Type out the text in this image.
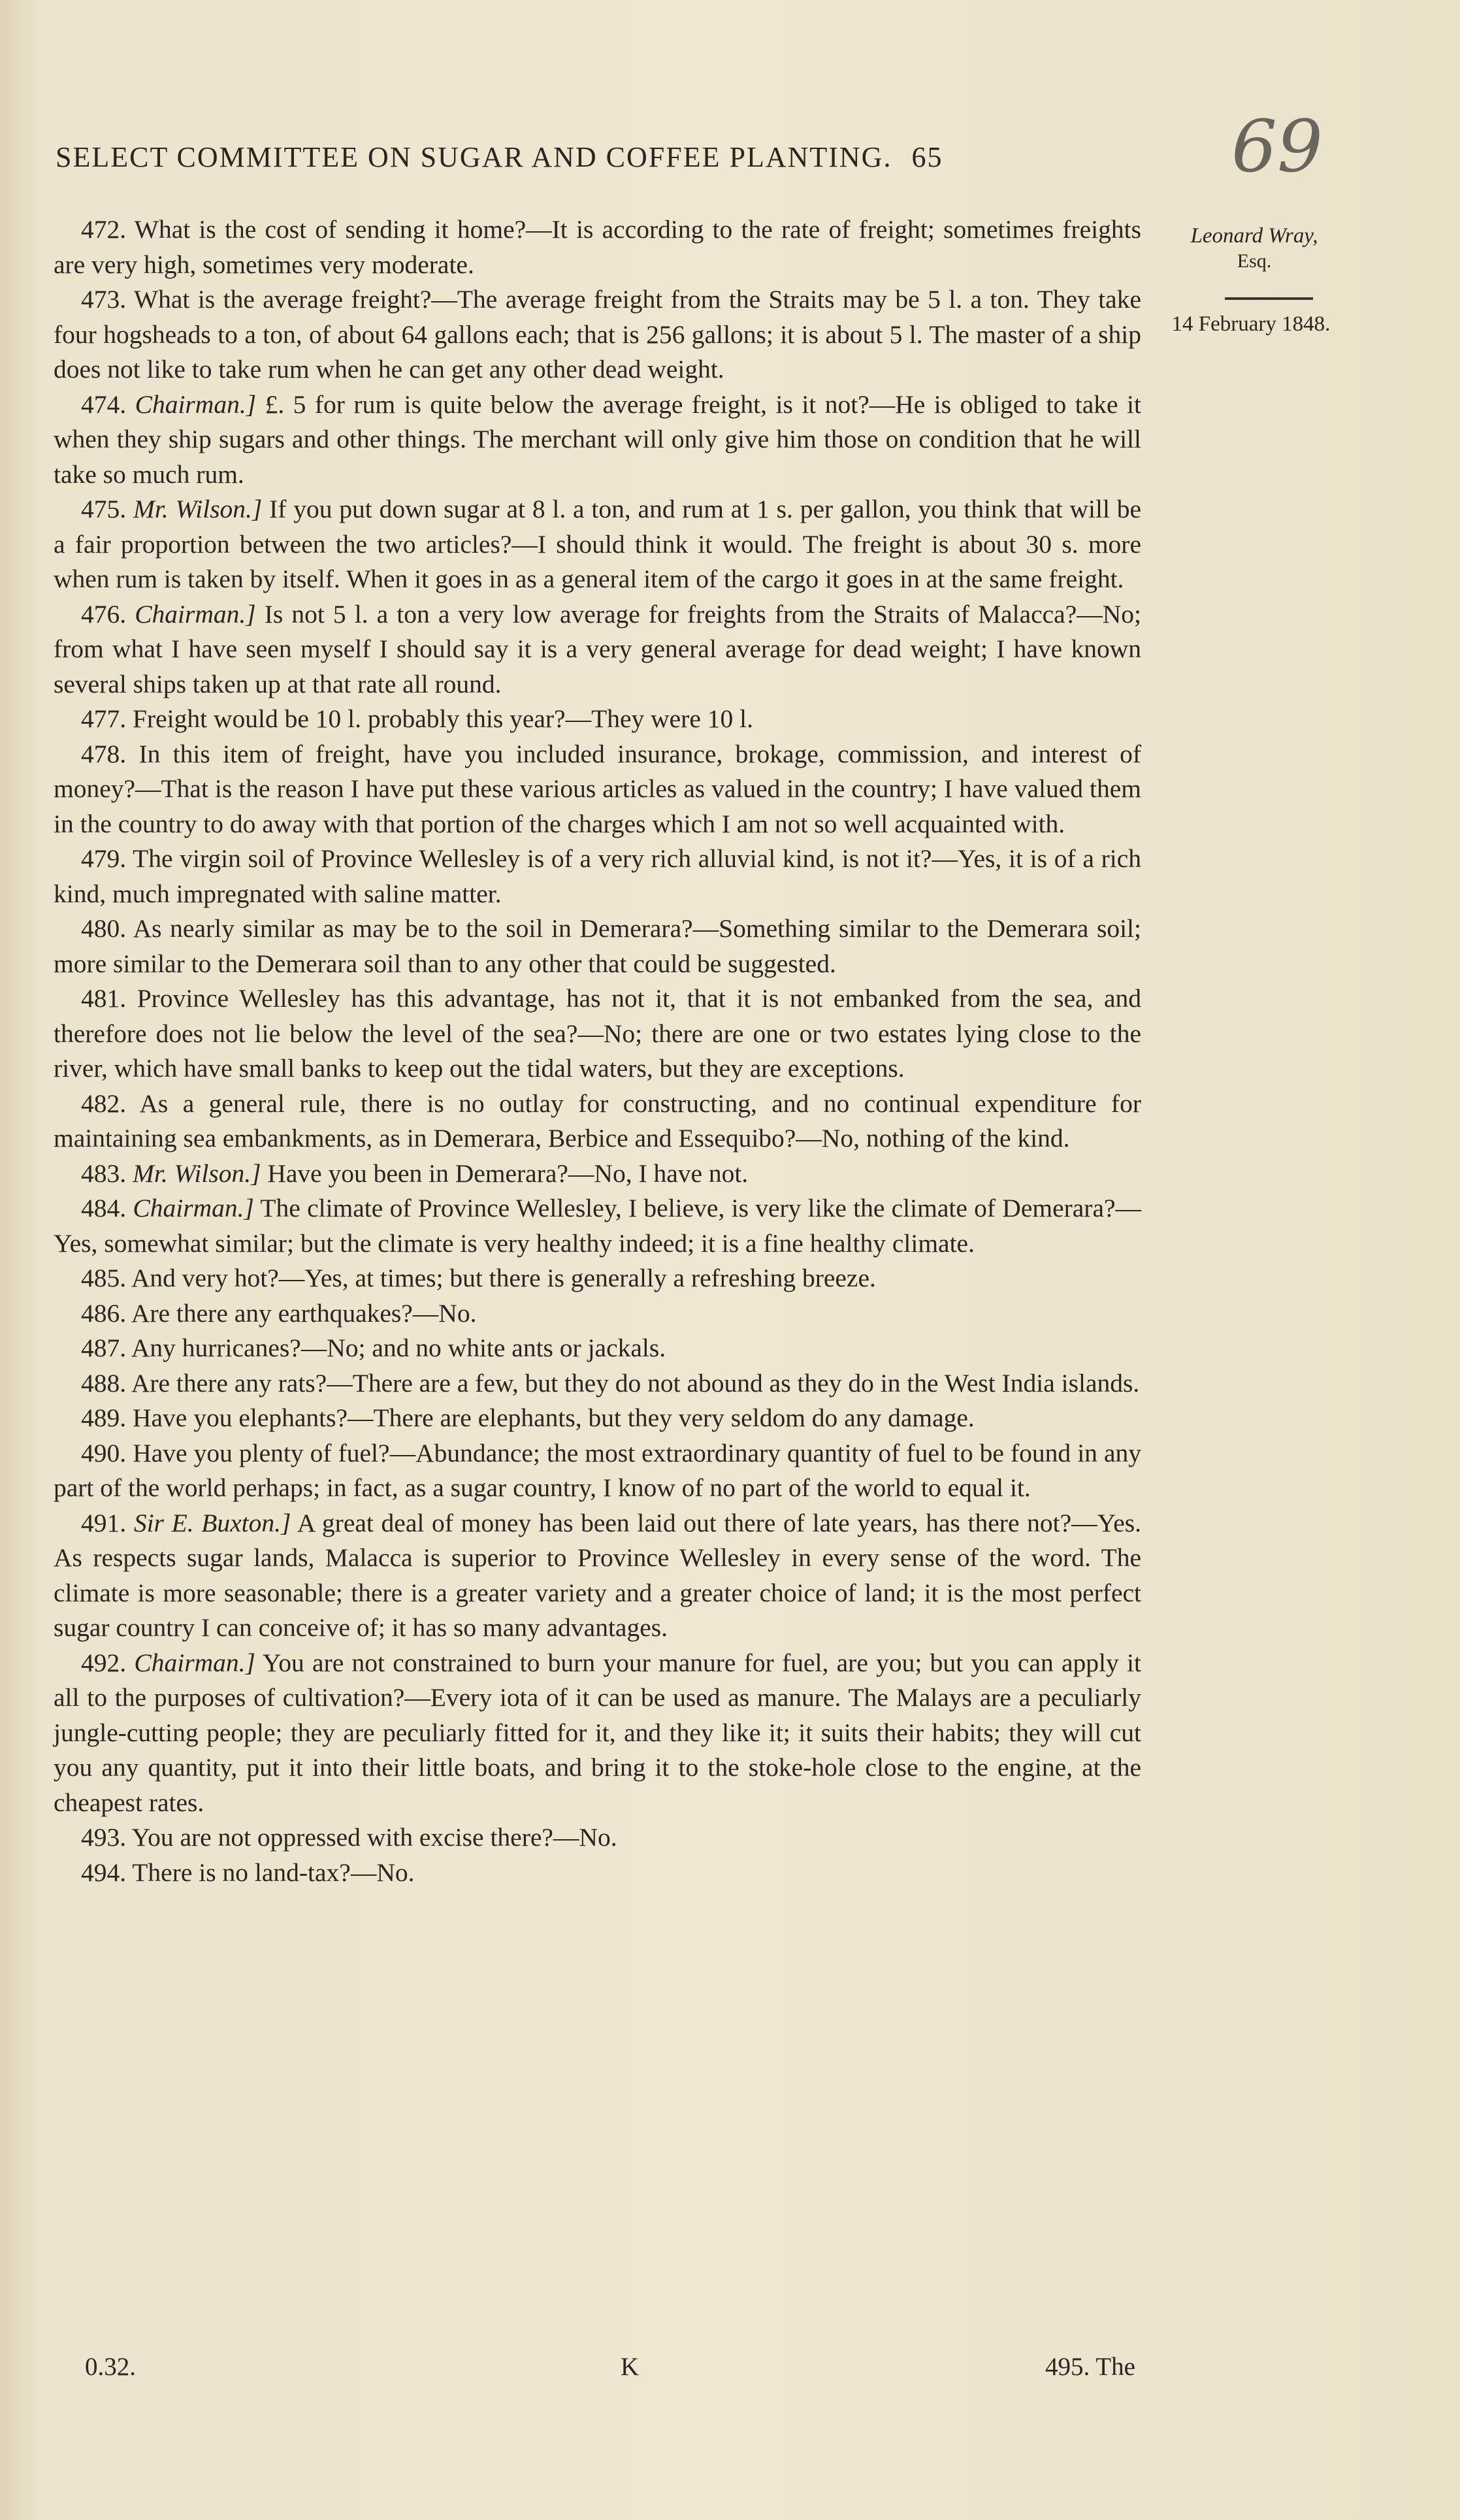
SELECT COMMITTEE ON SUGAR AND COFFEE PLANTING. 65	69
Leonard Wray,
Esq.
14 February 1848.

472. What is the cost of sending it home?—It is according to the rate of freight; sometimes freights are very high, sometimes very moderate.

473. What is the average freight?—The average freight from the Straits may be 5 l. a ton. They take four hogsheads to a ton, of about 64 gallons each; that is 256 gallons; it is about 5 l. The master of a ship does not like to take rum when he can get any other dead weight.

474. Chairman.] £. 5 for rum is quite below the average freight, is it not?—He is obliged to take it when they ship sugars and other things. The merchant will only give him those on condition that he will take so much rum.

475. Mr. Wilson.] If you put down sugar at 8 l. a ton, and rum at 1 s. per gallon, you think that will be a fair proportion between the two articles?—I should think it would. The freight is about 30 s. more when rum is taken by itself. When it goes in as a general item of the cargo it goes in at the same freight.

476. Chairman.] Is not 5 l. a ton a very low average for freights from the Straits of Malacca?—No; from what I have seen myself I should say it is a very general average for dead weight; I have known several ships taken up at that rate all round.

477. Freight would be 10 l. probably this year?—They were 10 l.

478. In this item of freight, have you included insurance, brokage, commission, and interest of money?—That is the reason I have put these various articles as valued in the country; I have valued them in the country to do away with that portion of the charges which I am not so well acquainted with.

479. The virgin soil of Province Wellesley is of a very rich alluvial kind, is not it?—Yes, it is of a rich kind, much impregnated with saline matter.

480. As nearly similar as may be to the soil in Demerara?—Something similar to the Demerara soil; more similar to the Demerara soil than to any other that could be suggested.

481. Province Wellesley has this advantage, has not it, that it is not embanked from the sea, and therefore does not lie below the level of the sea?—No; there are one or two estates lying close to the river, which have small banks to keep out the tidal waters, but they are exceptions.

482. As a general rule, there is no outlay for constructing, and no continual expenditure for maintaining sea embankments, as in Demerara, Berbice and Essequibo?—No, nothing of the kind.

483. Mr. Wilson.] Have you been in Demerara?—No, I have not.

484. Chairman.] The climate of Province Wellesley, I believe, is very like the climate of Demerara?—Yes, somewhat similar; but the climate is very healthy indeed; it is a fine healthy climate.

485. And very hot?—Yes, at times; but there is generally a refreshing breeze.

486. Are there any earthquakes?—No.

487. Any hurricanes?—No; and no white ants or jackals.

488. Are there any rats?—There are a few, but they do not abound as they do in the West India islands.

489. Have you elephants?—There are elephants, but they very seldom do any damage.

490. Have you plenty of fuel?—Abundance; the most extraordinary quantity of fuel to be found in any part of the world perhaps; in fact, as a sugar country, I know of no part of the world to equal it.

491. Sir E. Buxton.] A great deal of money has been laid out there of late years, has there not?—Yes. As respects sugar lands, Malacca is superior to Province Wellesley in every sense of the word. The climate is more seasonable; there is a greater variety and a greater choice of land; it is the most perfect sugar country I can conceive of; it has so many advantages.

492. Chairman.] You are not constrained to burn your manure for fuel, are you; but you can apply it all to the purposes of cultivation?—Every iota of it can be used as manure. The Malays are a peculiarly jungle-cutting people; they are peculiarly fitted for it, and they like it; it suits their habits; they will cut you any quantity, put it into their little boats, and bring it to the stoke-hole close to the engine, at the cheapest rates.

493. You are not oppressed with excise there?—No.

494. There is no land-tax?—No.

0.32.	K	495. The
